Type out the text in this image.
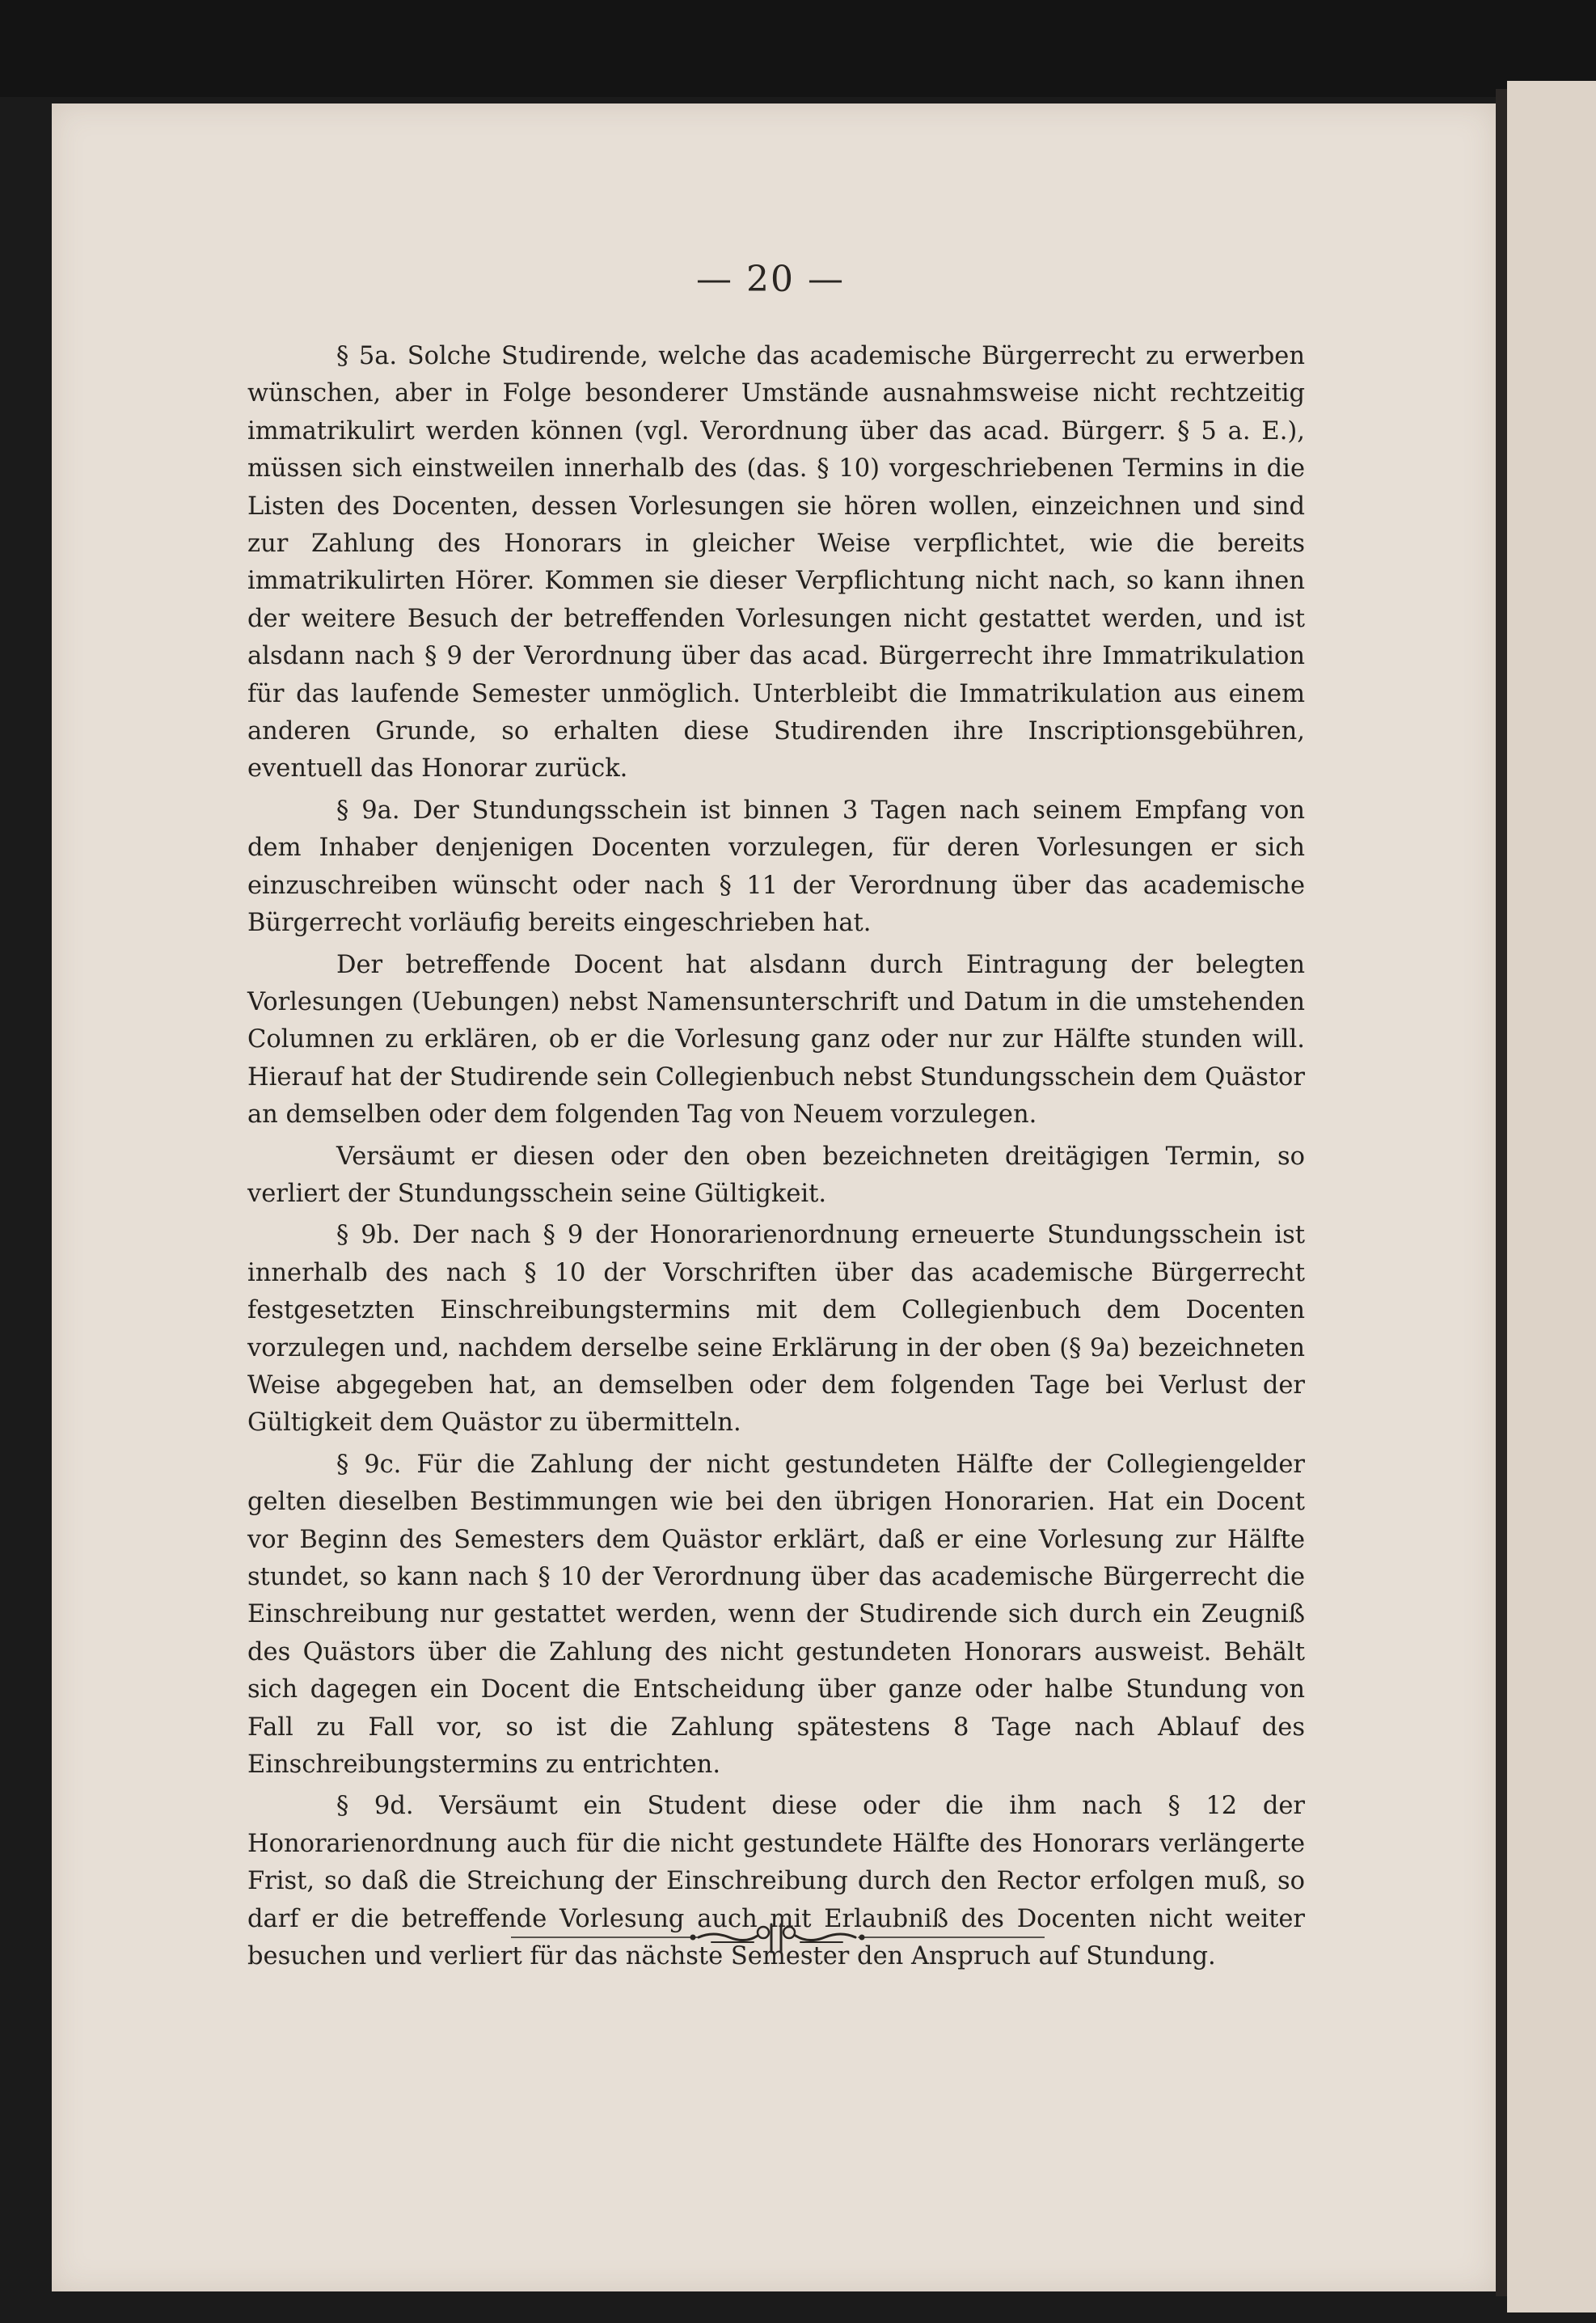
— 20 —

§ 5a. Solche Studirende, welche das academische Bürgerrecht zu erwerben wünschen, aber in Folge besonderer Umstände ausnahmsweise nicht rechtzeitig immatrikulirt werden können (vgl. Verordnung über das acad. Bürgerr. § 5 a. E.), müssen sich einstweilen innerhalb des (das. § 10) vorgeschriebenen Termins in die Listen des Docenten, dessen Vorlesungen sie hören wollen, einzeichnen und sind zur Zahlung des Honorars in gleicher Weise verpflichtet, wie die bereits immatrikulirten Hörer. Kommen sie dieser Verpflichtung nicht nach, so kann ihnen der weitere Besuch der betreffenden Vorlesungen nicht gestattet werden, und ist alsdann nach § 9 der Verordnung über das acad. Bürgerrecht ihre Immatrikulation für das laufende Semester unmöglich. Unterbleibt die Immatrikulation aus einem anderen Grunde, so erhalten diese Studirenden ihre Inscriptionsgebühren, eventuell das Honorar zurück.

§ 9a. Der Stundungsschein ist binnen 3 Tagen nach seinem Empfang von dem Inhaber denjenigen Docenten vorzulegen, für deren Vorlesungen er sich einzuschreiben wünscht oder nach § 11 der Verordnung über das academische Bürgerrecht vorläufig bereits eingeschrieben hat.

Der betreffende Docent hat alsdann durch Eintragung der belegten Vorlesungen (Uebungen) nebst Namensunterschrift und Datum in die umstehenden Columnen zu erklären, ob er die Vorlesung ganz oder nur zur Hälfte stunden will. Hierauf hat der Studirende sein Collegienbuch nebst Stundungsschein dem Quästor an demselben oder dem folgenden Tag von Neuem vorzulegen.

Versäumt er diesen oder den oben bezeichneten dreitägigen Termin, so verliert der Stundungsschein seine Gültigkeit.

§ 9b. Der nach § 9 der Honorarienordnung erneuerte Stundungsschein ist innerhalb des nach § 10 der Vorschriften über das academische Bürgerrecht festgesetzten Einschreibungstermins mit dem Collegienbuch dem Docenten vorzulegen und, nachdem derselbe seine Erklärung in der oben (§ 9a) bezeichneten Weise abgegeben hat, an demselben oder dem folgenden Tage bei Verlust der Gültigkeit dem Quästor zu übermitteln.

§ 9c. Für die Zahlung der nicht gestundeten Hälfte der Collegiengelder gelten dieselben Bestimmungen wie bei den übrigen Honorarien. Hat ein Docent vor Beginn des Semesters dem Quästor erklärt, daß er eine Vorlesung zur Hälfte stundet, so kann nach § 10 der Verordnung über das academische Bürgerrecht die Einschreibung nur gestattet werden, wenn der Studirende sich durch ein Zeugniß des Quästors über die Zahlung des nicht gestundeten Honorars ausweist. Behält sich dagegen ein Docent die Entscheidung über ganze oder halbe Stundung von Fall zu Fall vor, so ist die Zahlung spätestens 8 Tage nach Ablauf des Einschreibungstermins zu entrichten.

§ 9d. Versäumt ein Student diese oder die ihm nach § 12 der Honorarienordnung auch für die nicht gestundete Hälfte des Honorars verlängerte Frist, so daß die Streichung der Einschreibung durch den Rector erfolgen muß, so darf er die betreffende Vorlesung auch mit Erlaubniß des Docenten nicht weiter besuchen und verliert für das nächste Semester den Anspruch auf Stundung.
